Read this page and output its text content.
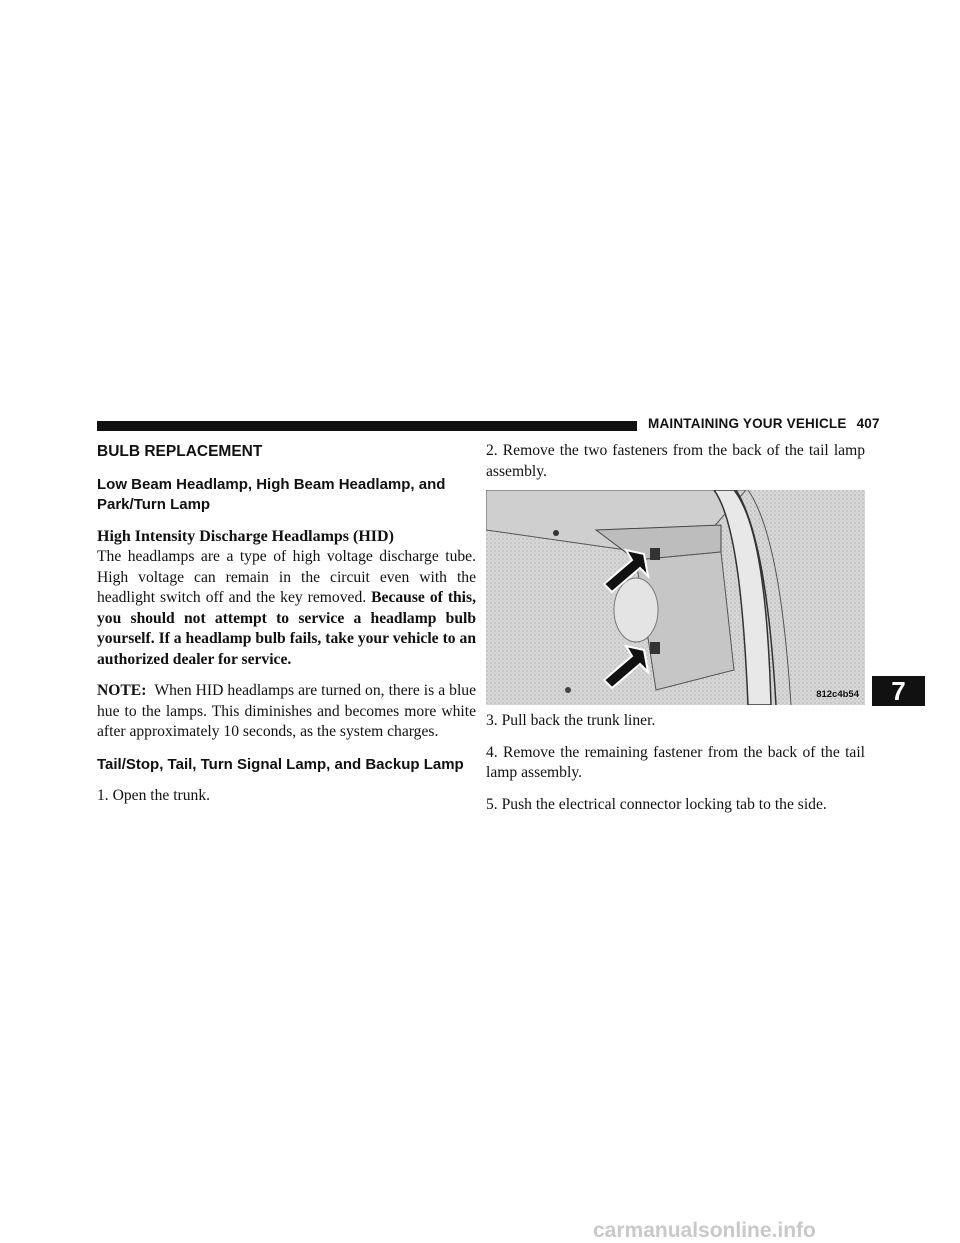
MAINTAINING YOUR VEHICLE 407
BULB REPLACEMENT
Low Beam Headlamp, High Beam Headlamp, and Park/Turn Lamp
High Intensity Discharge Headlamps (HID)

The headlamps are a type of high voltage discharge tube. High voltage can remain in the circuit even with the headlight switch off and the key removed. Because of this, you should not attempt to service a headlamp bulb yourself. If a headlamp bulb fails, take your vehicle to an authorized dealer for service.

NOTE: When HID headlamps are turned on, there is a blue hue to the lamps. This diminishes and becomes more white after approximately 10 seconds, as the system charges.

Tail/Stop, Tail, Turn Signal Lamp, and Backup Lamp

1. Open the trunk.

2. Remove the two fasteners from the back of the tail lamp assembly.

812c4b54

3. Pull back the trunk liner.

4. Remove the remaining fastener from the back of the tail lamp assembly.

5. Push the electrical connector locking tab to the side.

7
carmanualsonline.info
